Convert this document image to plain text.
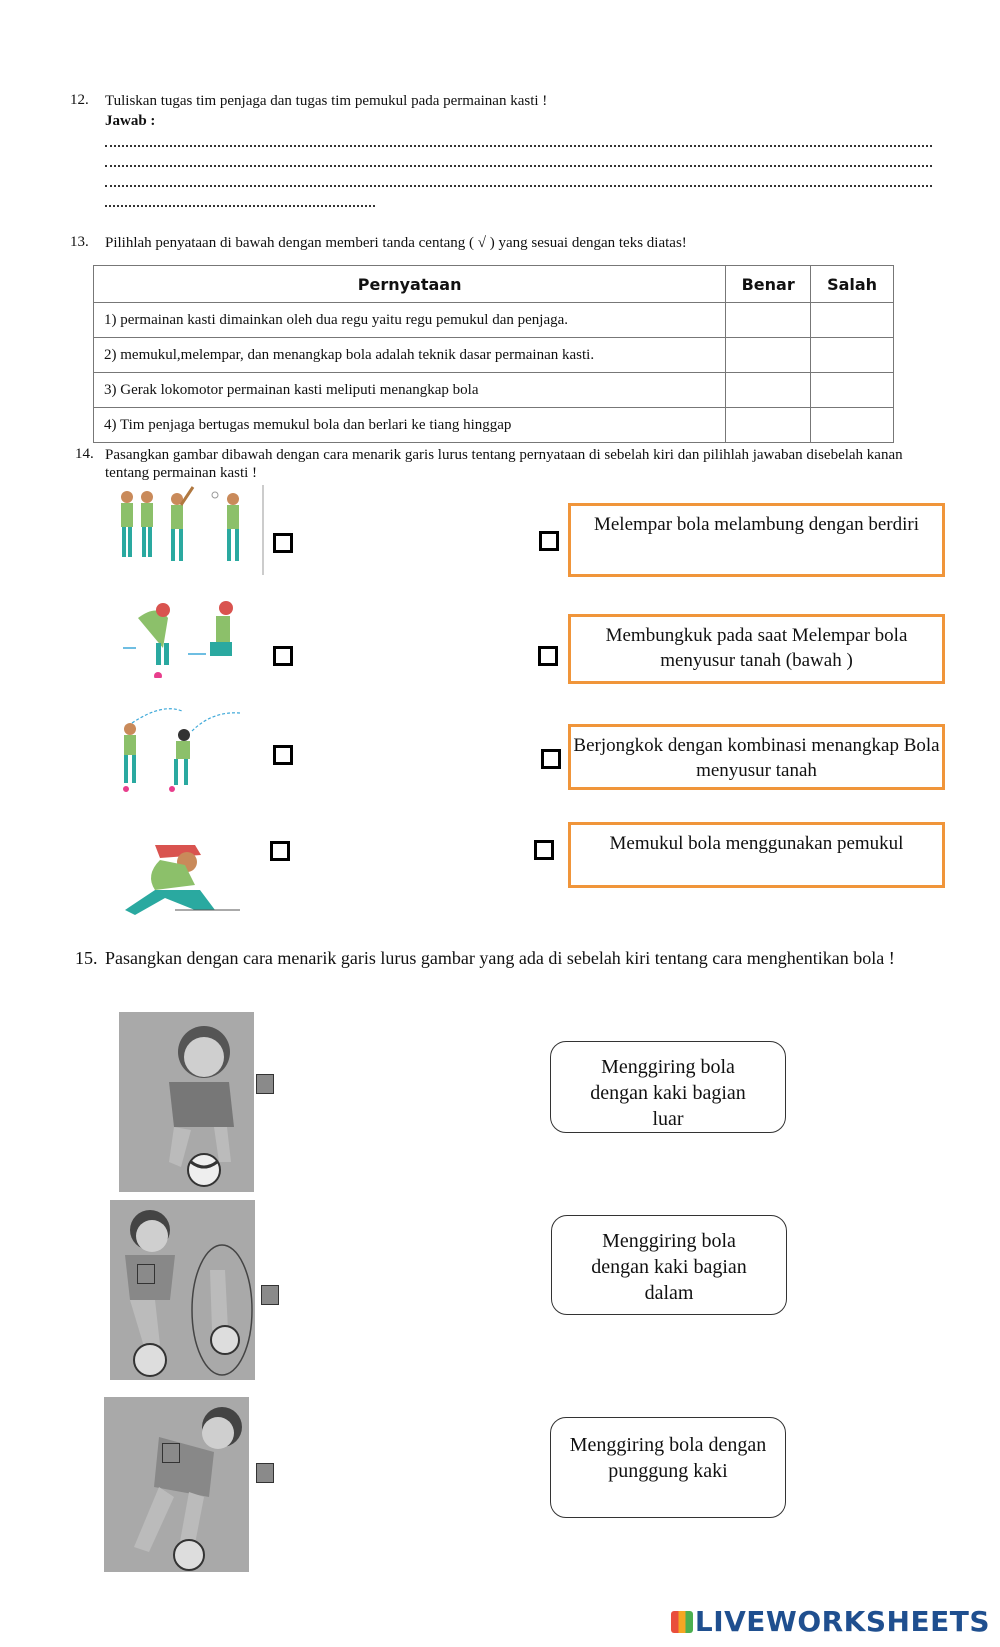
12. Tuliskan tugas tim penjaga dan tugas tim pemukul pada permainan kasti !
Jawab :
13. Pilihlah penyataan di bawah dengan memberi tanda centang ( √ ) yang sesuai dengan teks diatas!
Pernyataan	Benar	Salah
1) permainan kasti dimainkan oleh dua regu yaitu regu pemukul dan penjaga.		
2) memukul,melempar, dan menangkap bola adalah teknik dasar permainan kasti.		
3) Gerak lokomotor permainan kasti meliputi menangkap bola		
4) Tim penjaga bertugas memukul bola dan berlari ke tiang hinggap		
14. Pasangkan gambar dibawah dengan cara menarik garis lurus tentang pernyataan di sebelah kiri dan pilihlah jawaban disebelah kanan tentang permainan kasti !
Melempar bola melambung dengan berdiri
Membungkuk pada saat Melempar bola menyusur tanah (bawah )
Berjongkok dengan kombinasi menangkap Bola menyusur tanah
Memukul bola menggunakan pemukul
15. Pasangkan dengan cara menarik garis lurus gambar yang ada di sebelah kiri tentang cara menghentikan bola !
Menggiring bola dengan kaki bagian luar
Menggiring bola dengan kaki bagian dalam
Menggiring bola dengan punggung kaki
LIVEWORKSHEETS
